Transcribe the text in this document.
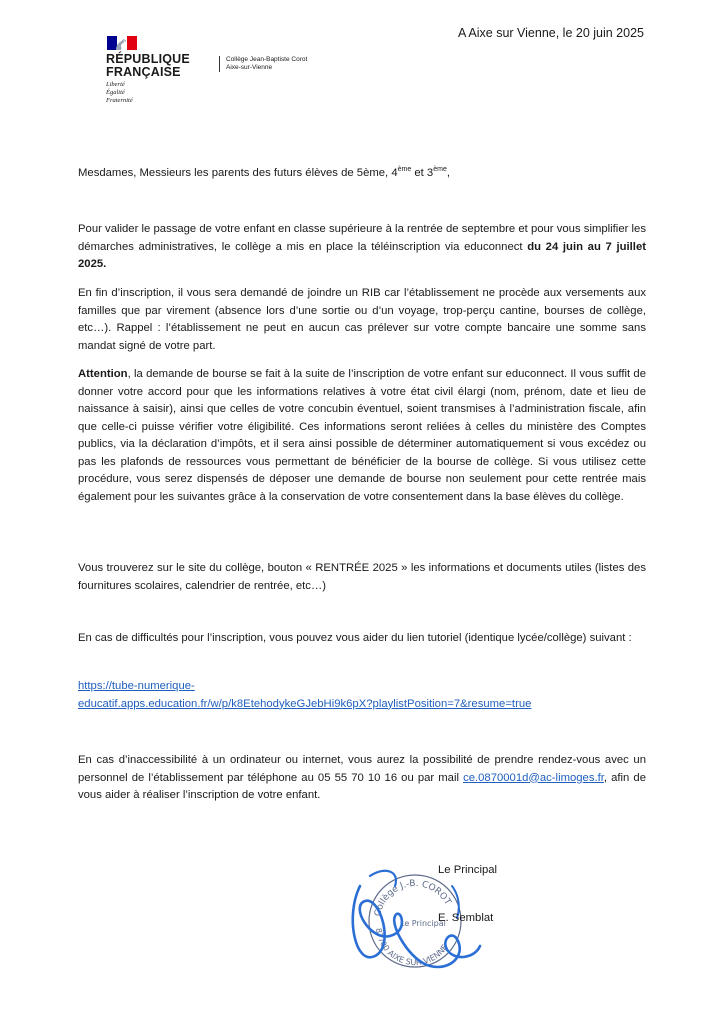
A Aixe sur Vienne, le 20 juin 2025
RÉPUBLIQUE
FRANÇAISE
Liberté
Égalité
Fraternité
Collège Jean-Baptiste Corot
Aixe-sur-Vienne
Mesdames, Messieurs les parents des futurs élèves de 5ème, 4ème et 3ème,

Pour valider le passage de votre enfant en classe supérieure à la rentrée de septembre et pour vous simplifier les démarches administratives, le collège a mis en place la téléinscription via educonnect du 24 juin au 7 juillet 2025.

En fin d’inscription, il vous sera demandé de joindre un RIB car l’établissement ne procède aux versements aux familles que par virement (absence lors d’une sortie ou d’un voyage, trop-perçu cantine, bourses de collège, etc…). Rappel : l’établissement ne peut en aucun cas prélever sur votre compte bancaire une somme sans mandat signé de votre part.

Attention, la demande de bourse se fait à la suite de l’inscription de votre enfant sur educonnect. Il vous suffit de donner votre accord pour que les informations relatives à votre état civil élargi (nom, prénom, date et lieu de naissance à saisir), ainsi que celles de votre concubin éventuel, soient transmises à l’administration fiscale, afin que celle-ci puisse vérifier votre éligibilité. Ces informations seront reliées à celles du ministère des Comptes publics, via la déclaration d’impôts, et il sera ainsi possible de déterminer automatiquement si vous excédez ou pas les plafonds de ressources vous permettant de bénéficier de la bourse de collège. Si vous utilisez cette procédure, vous serez dispensés de déposer une demande de bourse non seulement pour cette rentrée mais également pour les suivantes grâce à la conservation de votre consentement dans la base élèves du collège.

Vous trouverez sur le site du collège, bouton « RENTRÉE 2025 » les informations et documents utiles (listes des fournitures scolaires, calendrier de rentrée, etc…)

En cas de difficultés pour l’inscription, vous pouvez vous aider du lien tutoriel (identique lycée/collège) suivant :

https://tube-numerique-
educatif.apps.education.fr/w/p/k8EtehodykeGJebHi9k6pX?playlistPosition=7&resume=true

En cas d’inaccessibilité à un ordinateur ou internet, vous aurez la possibilité de prendre rendez-vous avec un personnel de l’établissement par téléphone au 05 55 70 10 16 ou par mail ce.0870001d@ac-limoges.fr, afin de vous aider à réaliser l’inscription de votre enfant.

Le Principal
Collège J.-B. COROT
Le Principal
87700 AIXE SUR VIENNE
E. Semblat
